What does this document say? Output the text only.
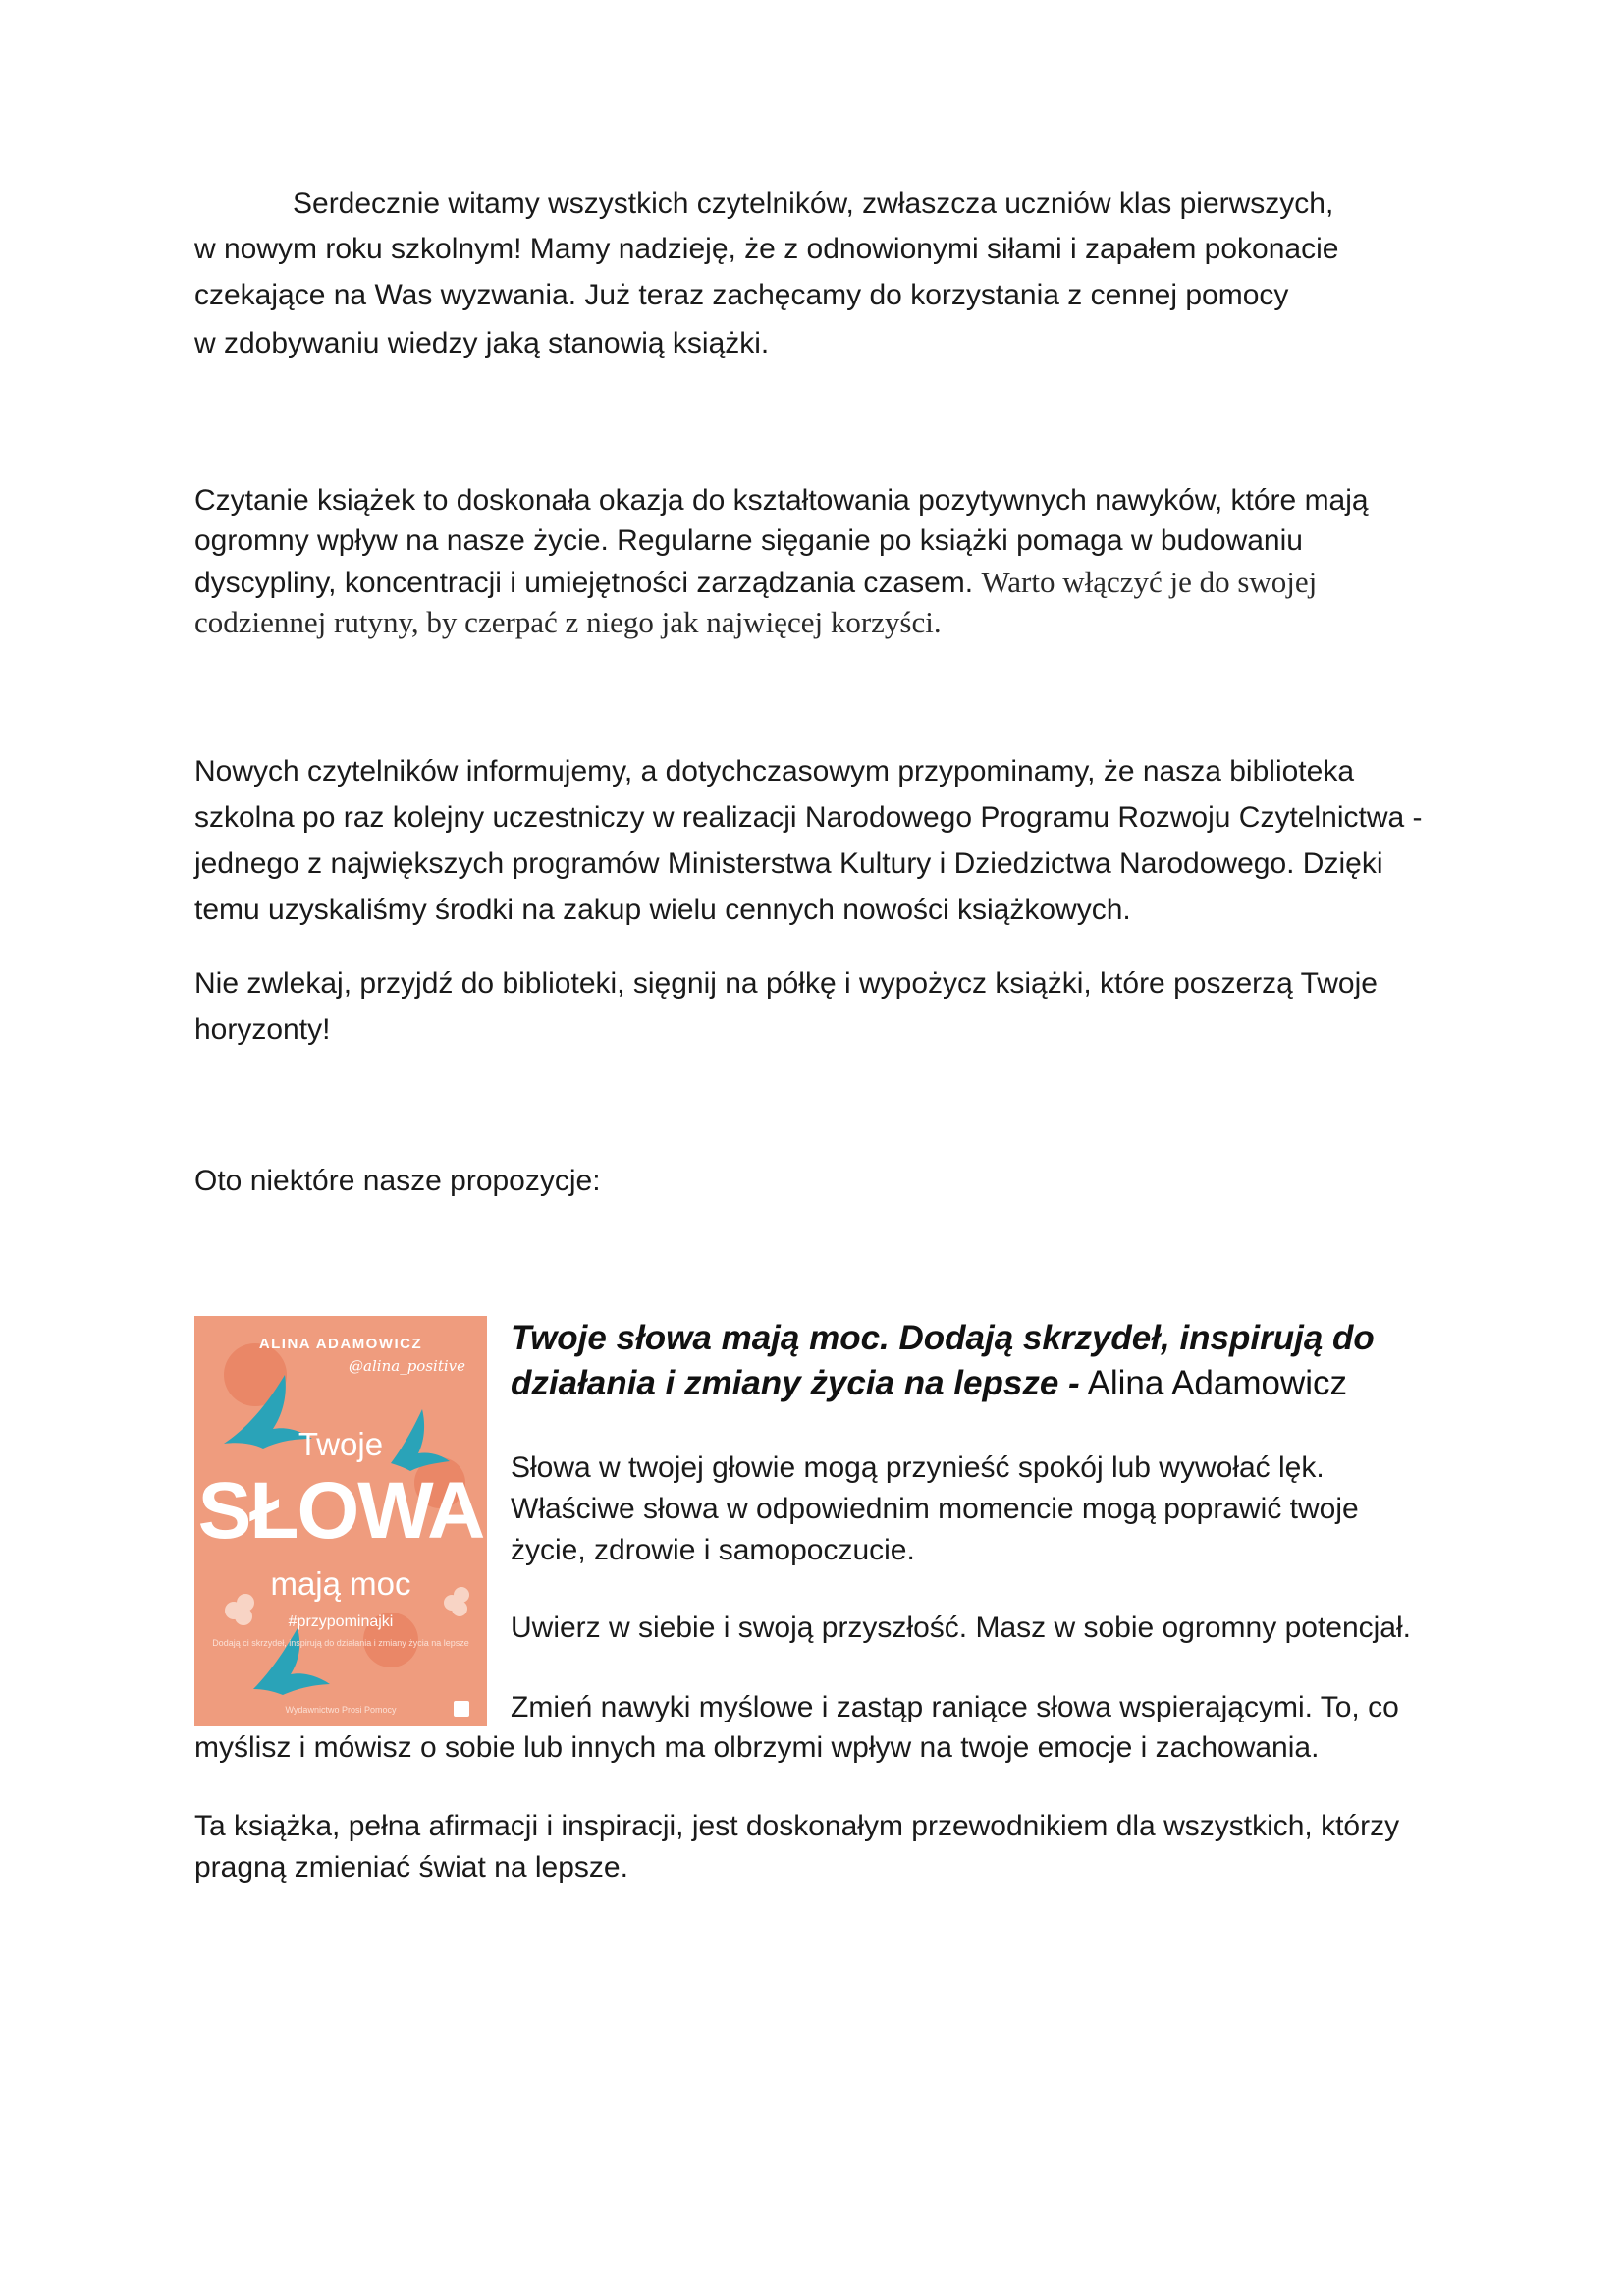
Serdecznie witamy wszystkich czytelników, zwłaszcza uczniów klas pierwszych,
w nowym roku szkolnym! Mamy nadzieję, że z odnowionymi siłami i zapałem pokonacie
czekające na Was wyzwania. Już teraz zachęcamy do korzystania z cennej pomocy
w zdobywaniu wiedzy jaką stanowią książki.
Czytanie książek to doskonała okazja do kształtowania pozytywnych nawyków, które mają
ogromny wpływ na nasze życie. Regularne sięganie po książki pomaga w budowaniu
dyscypliny, koncentracji i umiejętności zarządzania czasem. Warto włączyć je do swojej
codziennej rutyny, by czerpać z niego jak najwięcej korzyści.
Nowych czytelników informujemy, a dotychczasowym przypominamy, że nasza biblioteka
szkolna po raz kolejny uczestniczy w realizacji Narodowego Programu Rozwoju Czytelnictwa -
jednego z największych programów Ministerstwa Kultury i Dziedzictwa Narodowego. Dzięki
temu uzyskaliśmy środki na zakup wielu cennych nowości książkowych.
Nie zwlekaj, przyjdź do biblioteki, sięgnij na półkę i wypożycz książki, które poszerzą Twoje
horyzonty!
Oto niektóre nasze propozycje:
ALINA ADAMOWICZ
@alina_positive
Twoje
SŁOWA
mają moc
#przypominajki
Dodają ci skrzydeł, inspirują do działania i zmiany życia na lepsze
Wydawnictwo Prosi Pomocy
Twoje słowa mają moc. Dodają skrzydeł, inspirują do
działania i zmiany życia na lepsze - Alina Adamowicz
Słowa w twojej głowie mogą przynieść spokój lub wywołać lęk.
Właściwe słowa w odpowiednim momencie mogą poprawić twoje
życie, zdrowie i samopoczucie.
Uwierz w siebie i swoją przyszłość. Masz w sobie ogromny potencjał.
Zmień nawyki myślowe i zastąp raniące słowa wspierającymi. To, co
myślisz i mówisz o sobie lub innych ma olbrzymi wpływ na twoje emocje i zachowania.
Ta książka, pełna afirmacji i inspiracji, jest doskonałym przewodnikiem dla wszystkich, którzy
pragną zmieniać świat na lepsze.
